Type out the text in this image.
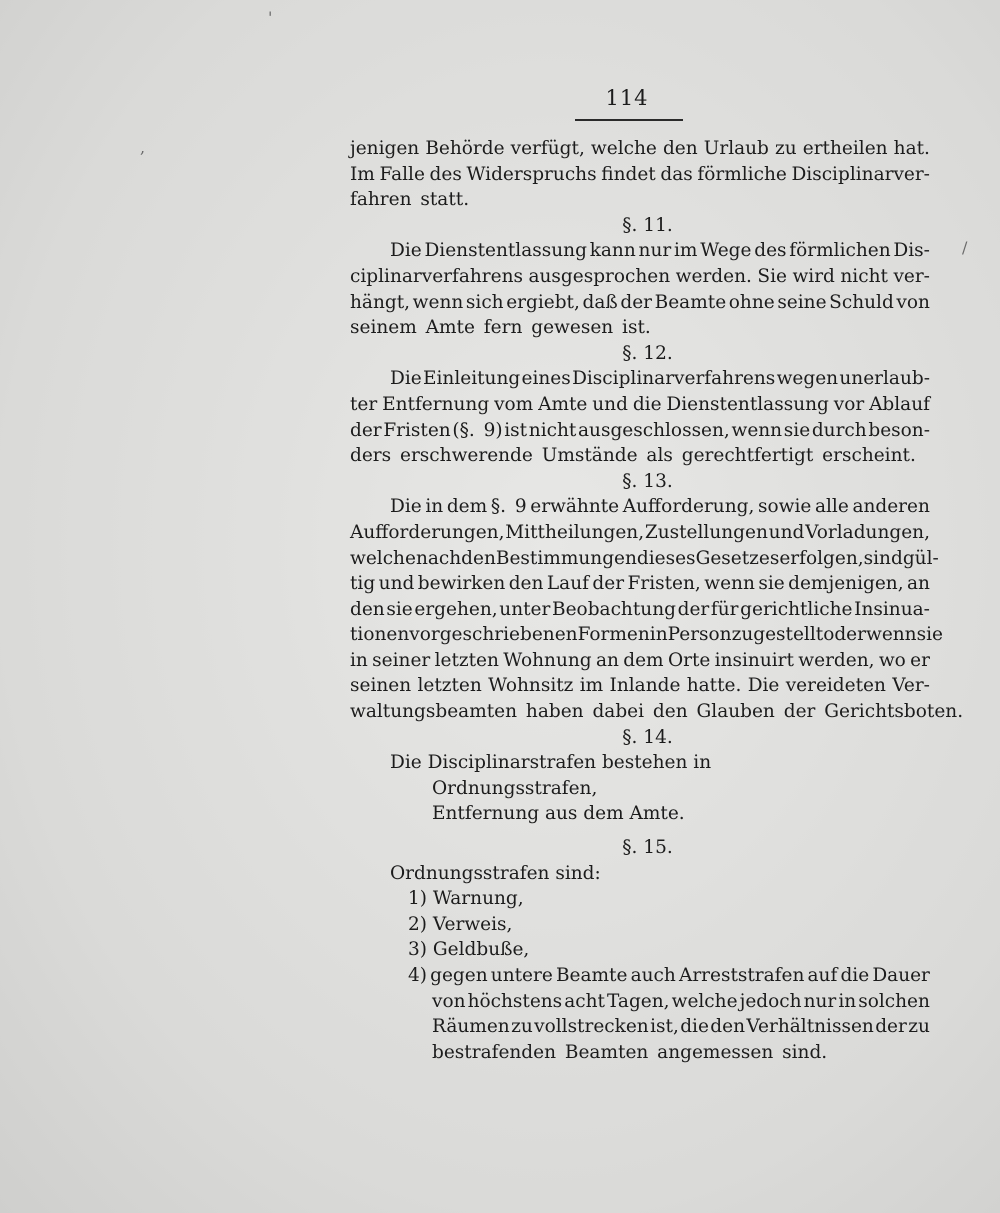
114
'
,
/
jenigen Behörde verfügt, welche den Urlaub zu ertheilen hat.
Im Falle des Widerspruchs findet das förmliche Disciplinarver-
fahren statt.
§. 11.
Die Dienstentlassung kann nur im Wege des förmlichen Dis-
ciplinarverfahrens ausgesprochen werden. Sie wird nicht ver-
hängt, wenn sich ergiebt, daß der Beamte ohne seine Schuld von
seinem Amte fern gewesen ist.
§. 12.
Die Einleitung eines Disciplinarverfahrens wegen unerlaub-
ter Entfernung vom Amte und die Dienstentlassung vor Ablauf
der Fristen (§. 9) ist nicht ausgeschlossen, wenn sie durch beson-
ders erschwerende Umstände als gerechtfertigt erscheint.
§. 13.
Die in dem §. 9 erwähnte Aufforderung, sowie alle anderen
Aufforderungen, Mittheilungen, Zustellungen und Vorladungen,
welche nach den Bestimmungen dieses Gesetzes erfolgen, sind gül-
tig und bewirken den Lauf der Fristen, wenn sie demjenigen, an
den sie ergehen, unter Beobachtung der für gerichtliche Insinua-
tionen vorgeschriebenen Formen in Person zugestellt oder wenn sie
in seiner letzten Wohnung an dem Orte insinuirt werden, wo er
seinen letzten Wohnsitz im Inlande hatte. Die vereideten Ver-
waltungsbeamten haben dabei den Glauben der Gerichtsboten.
§. 14.
Die Disciplinarstrafen bestehen in
Ordnungsstrafen,
Entfernung aus dem Amte.
§. 15.
Ordnungsstrafen sind:
1) Warnung,
2) Verweis,
3) Geldbuße,
4) gegen untere Beamte auch Arreststrafen auf die Dauer
von höchstens acht Tagen, welche jedoch nur in solchen
Räumen zu vollstrecken ist, die den Verhältnissen der zu
bestrafenden Beamten angemessen sind.
